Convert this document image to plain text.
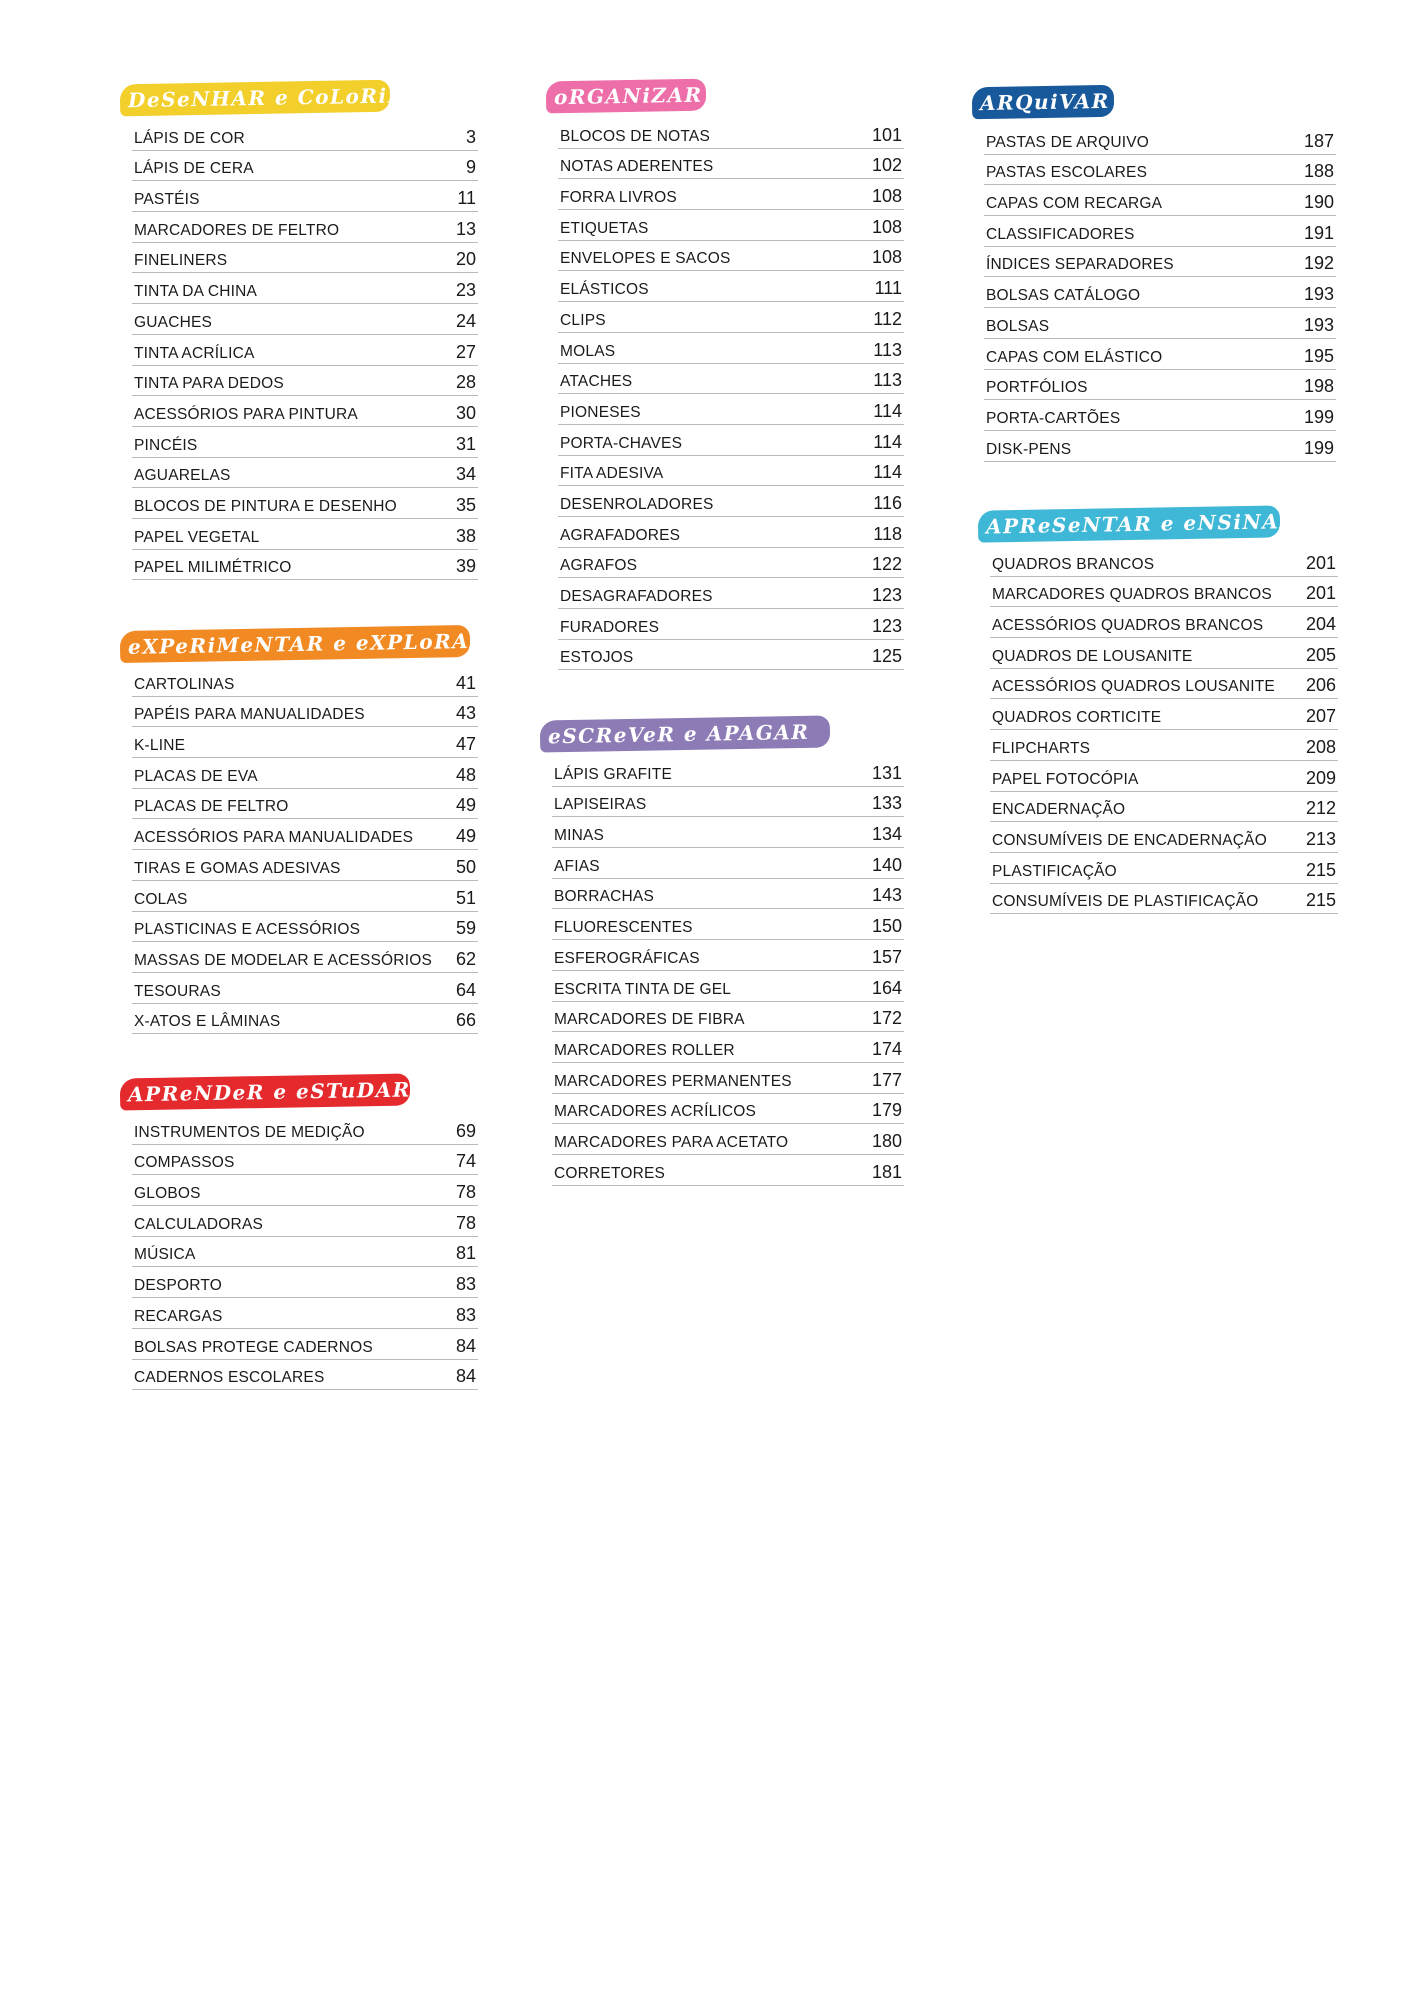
DeSeNHAR e CoLoRiR
LÁPIS DE COR	3
LÁPIS DE CERA	9
PASTÉIS	11
MARCADORES DE FELTRO	13
FINELINERS	20
TINTA DA CHINA	23
GUACHES	24
TINTA ACRÍLICA	27
TINTA PARA DEDOS	28
ACESSÓRIOS PARA PINTURA	30
PINCÉIS	31
AGUARELAS	34
BLOCOS DE PINTURA E DESENHO	35
PAPEL VEGETAL	38
PAPEL MILIMÉTRICO	39
eXPeRiMeNTAR e eXPLoRAR
CARTOLINAS	41
PAPÉIS PARA MANUALIDADES	43
K-LINE	47
PLACAS DE EVA	48
PLACAS DE FELTRO	49
ACESSÓRIOS PARA MANUALIDADES 49
TIRAS E GOMAS ADESIVAS	50
COLAS	51
PLASTICINAS E ACESSÓRIOS	59
MASSAS DE MODELAR E ACESSÓRIOS 62
TESOURAS	64
X-ATOS E LÂMINAS	66
APReNDeR e eSTuDAR
INSTRUMENTOS DE MEDIÇÃO	69
COMPASSOS	74
GLOBOS	78
CALCULADORAS	78
MÚSICA	81
DESPORTO	83
RECARGAS	83
BOLSAS PROTEGE CADERNOS	84
CADERNOS ESCOLARES	84
oRGANiZAR
BLOCOS DE NOTAS	101
NOTAS ADERENTES	102
FORRA LIVROS	108
ETIQUETAS	108
ENVELOPES E SACOS	108
ELÁSTICOS	111
CLIPS	112
MOLAS	113
ATACHES	113
PIONESES	114
PORTA-CHAVES	114
FITA ADESIVA	114
DESENROLADORES	116
AGRAFADORES	118
AGRAFOS	122
DESAGRAFADORES	123
FURADORES	123
ESTOJOS	125
eSCReVeR e APAGAR
LÁPIS GRAFITE	131
LAPISEIRAS	133
MINAS	134
AFIAS	140
BORRACHAS	143
FLUORESCENTES	150
ESFEROGRÁFICAS	157
ESCRITA TINTA DE GEL	164
MARCADORES DE FIBRA	172
MARCADORES ROLLER	174
MARCADORES PERMANENTES	177
MARCADORES ACRÍLICOS	179
MARCADORES PARA ACETATO	180
CORRETORES	181
ARQuiVAR
PASTAS DE ARQUIVO	187
PASTAS ESCOLARES	188
CAPAS COM RECARGA	190
CLASSIFICADORES	191
ÍNDICES SEPARADORES	192
BOLSAS CATÁLOGO	193
BOLSAS	193
CAPAS COM ELÁSTICO	195
PORTFÓLIOS	198
PORTA-CARTÕES	199
DISK-PENS	199
APReSeNTAR e eNSiNAR
QUADROS BRANCOS	201
MARCADORES QUADROS BRANCOS 201
ACESSÓRIOS QUADROS BRANCOS 204
QUADROS DE LOUSANITE	205
ACESSÓRIOS QUADROS LOUSANITE 206
QUADROS CORTICITE	207
FLIPCHARTS	208
PAPEL FOTOCÓPIA	209
ENCADERNAÇÃO	212
CONSUMÍVEIS DE ENCADERNAÇÃO 213
PLASTIFICAÇÃO	215
CONSUMÍVEIS DE PLASTIFICAÇÃO	215
